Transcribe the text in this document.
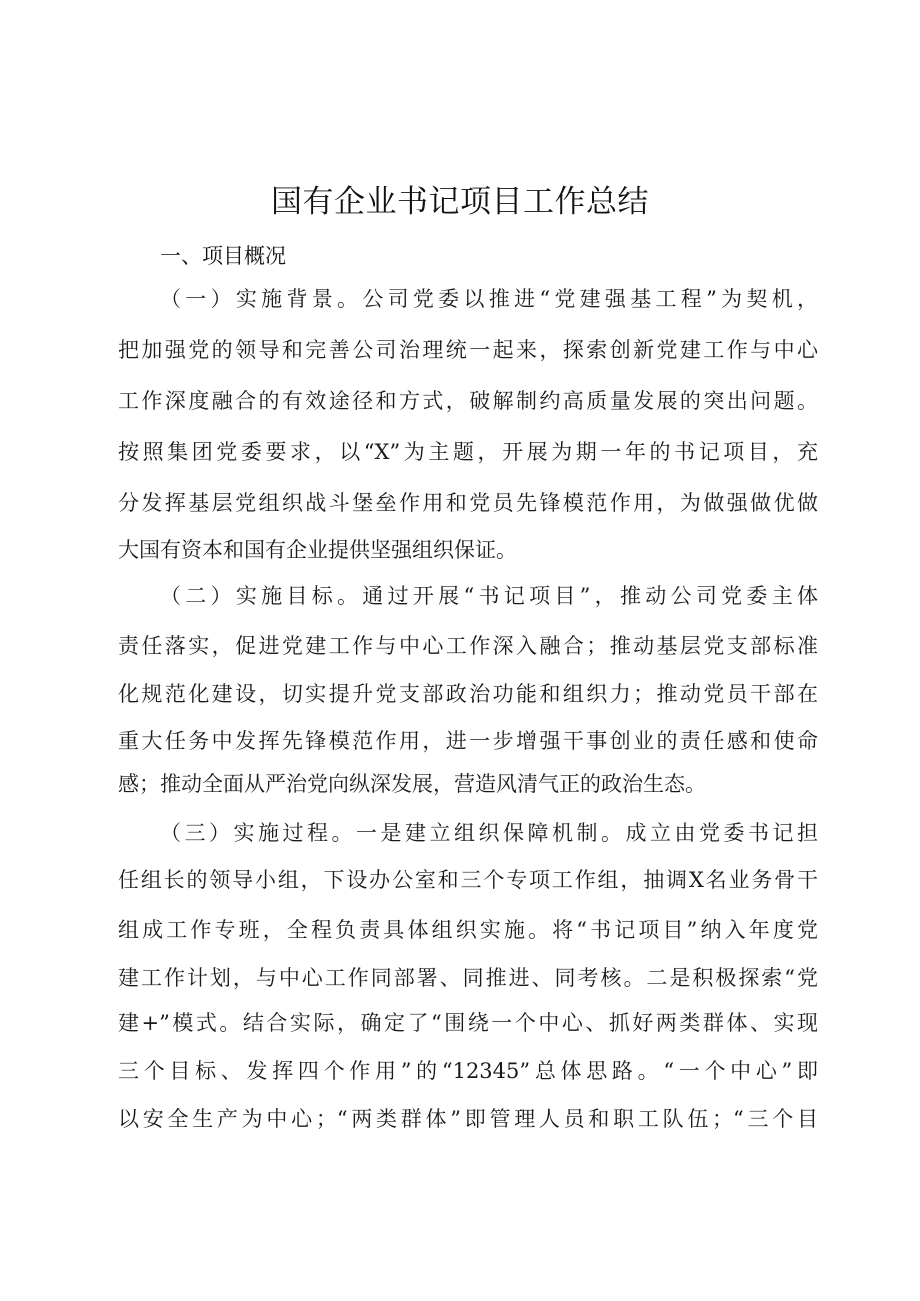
国有企业书记项目工作总结
一、项目概况
（一）实施背景。公司党委以推进“党建强基工程”为契机，
把加强党的领导和完善公司治理统一起来，探索创新党建工作与中心
工作深度融合的有效途径和方式，破解制约高质量发展的突出问题。
按照集团党委要求，以“X”为主题，开展为期一年的书记项目，充
分发挥基层党组织战斗堡垒作用和党员先锋模范作用，为做强做优做
大国有资本和国有企业提供坚强组织保证。
（二）实施目标。通过开展“书记项目”，推动公司党委主体
责任落实，促进党建工作与中心工作深入融合；推动基层党支部标准
化规范化建设，切实提升党支部政治功能和组织力；推动党员干部在
重大任务中发挥先锋模范作用，进一步增强干事创业的责任感和使命
感；推动全面从严治党向纵深发展，营造风清气正的政治生态。
（三）实施过程。一是建立组织保障机制。成立由党委书记担
任组长的领导小组，下设办公室和三个专项工作组，抽调X名业务骨干
组成工作专班，全程负责具体组织实施。将“书记项目”纳入年度党
建工作计划，与中心工作同部署、同推进、同考核。二是积极探索“党
建+”模式。结合实际，确定了“围绕一个中心、抓好两类群体、实现
三个目标、发挥四个作用”的“12345”总体思路。“一个中心”即
以安全生产为中心；“两类群体”即管理人员和职工队伍；“三个目
